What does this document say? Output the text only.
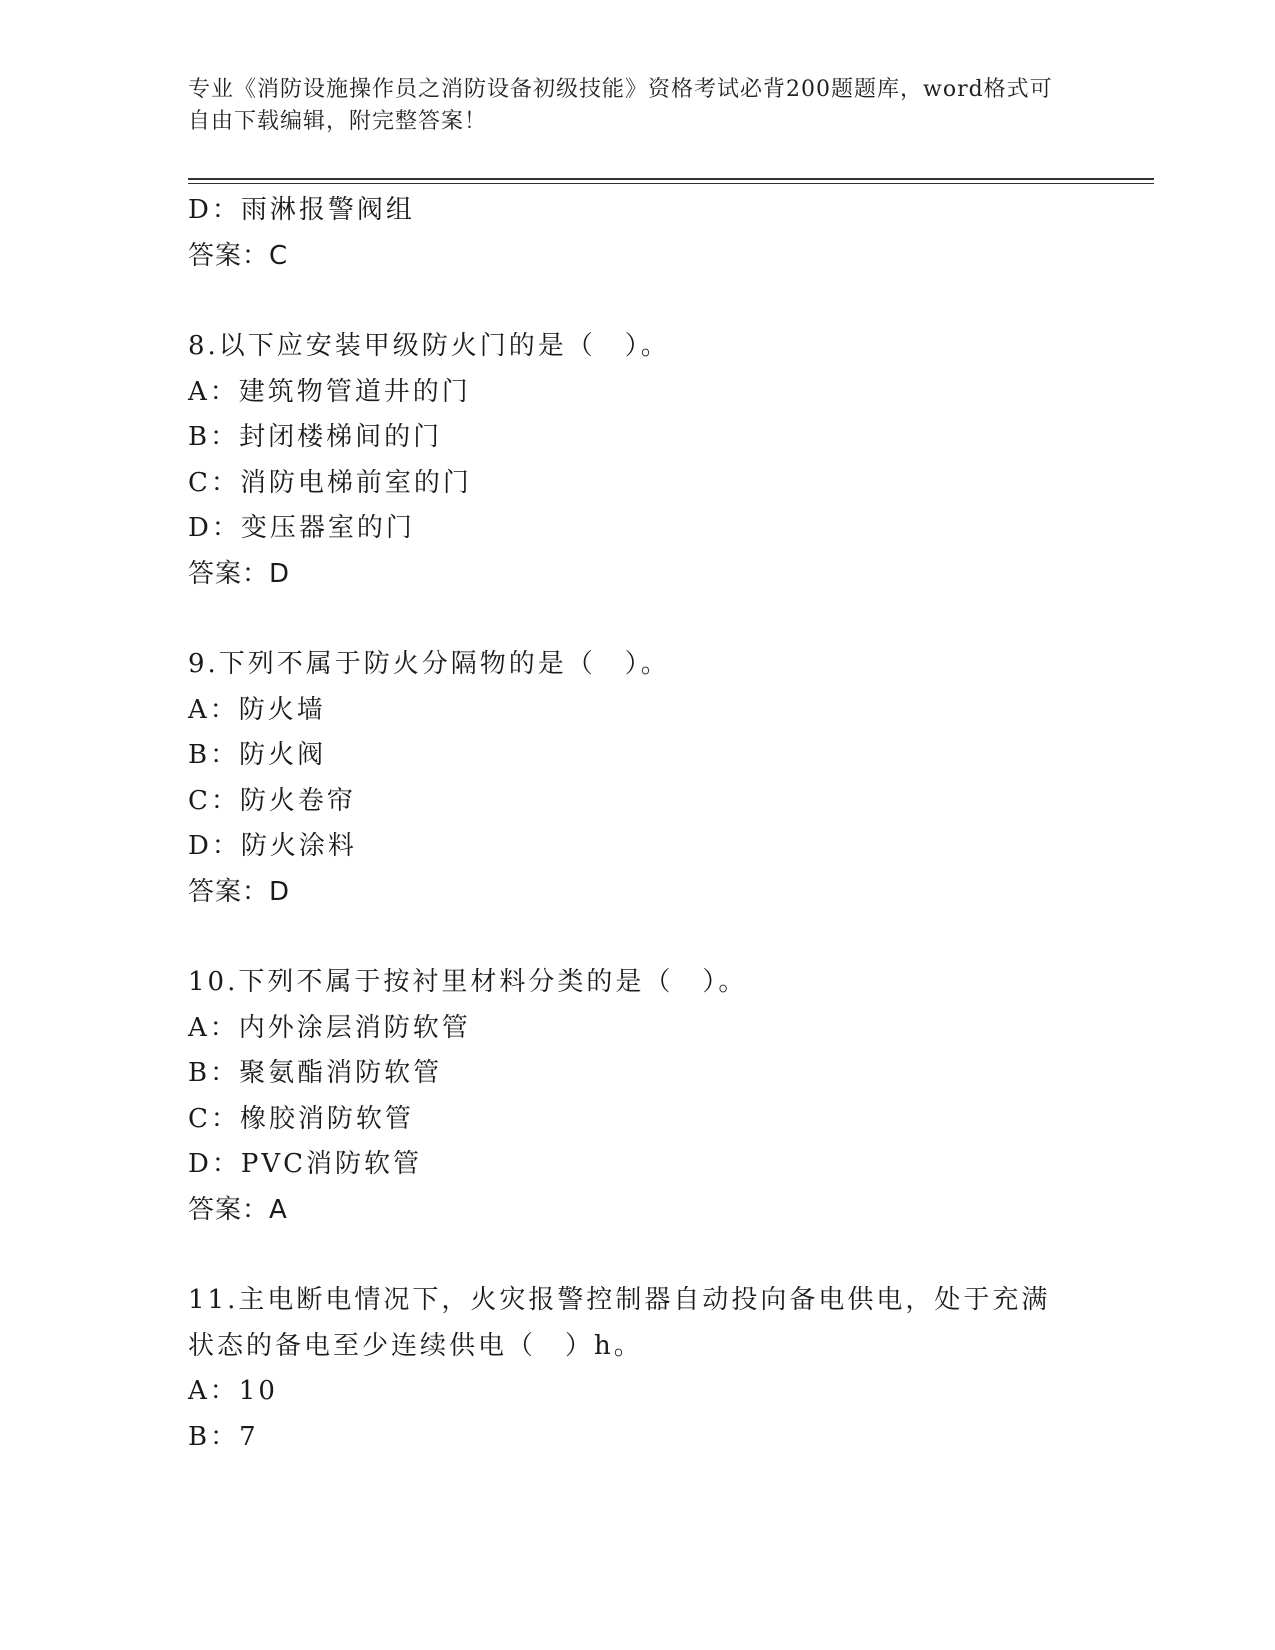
专业《消防设施操作员之消防设备初级技能》资格考试必背200题题库，word格式可自由下载编辑，附完整答案！
D：雨淋报警阀组
答案：C
8.以下应安装甲级防火门的是（　）。
A：建筑物管道井的门
B：封闭楼梯间的门
C：消防电梯前室的门
D：变压器室的门
答案：D
9.下列不属于防火分隔物的是（　）。
A：防火墙
B：防火阀
C：防火卷帘
D：防火涂料
答案：D
10.下列不属于按衬里材料分类的是（　）。
A：内外涂层消防软管
B：聚氨酯消防软管
C：橡胶消防软管
D：PVC消防软管
答案：A
11.主电断电情况下，火灾报警控制器自动投向备电供电，处于充满状态的备电至少连续供电（　）h。
A：10
B：7
